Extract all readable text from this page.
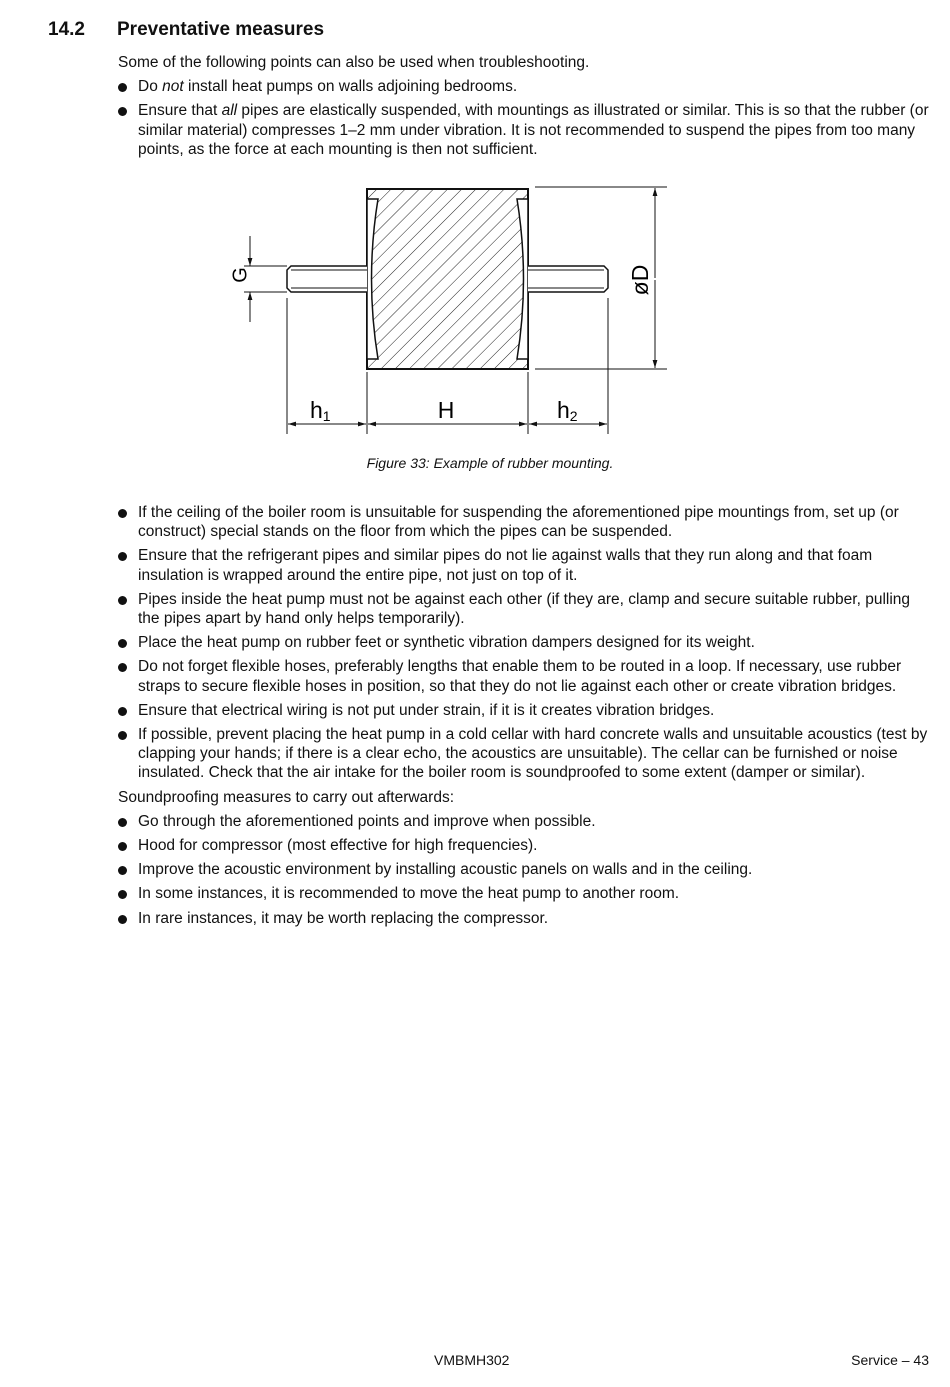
14.2 Preventative measures

Some of the following points can also be used when troubleshooting.

Do not install heat pumps on walls adjoining bedrooms.
Ensure that all pipes are elastically suspended, with mountings as illustrated or similar. This is so that the rubber (or similar material) compresses 1–2 mm under vibration. It is not recommended to suspend the pipes from too many points, as the force at each mounting is then not sufficient.
G	øD
h1	H	h2
Figure 33: Example of rubber mounting.
If the ceiling of the boiler room is unsuitable for suspending the aforementioned pipe mountings from, set up (or construct) special stands on the floor from which the pipes can be suspended.
Ensure that the refrigerant pipes and similar pipes do not lie against walls that they run along and that foam insulation is wrapped around the entire pipe, not just on top of it.
Pipes inside the heat pump must not be against each other (if they are, clamp and secure suitable rubber, pulling the pipes apart by hand only helps temporarily).
Place the heat pump on rubber feet or synthetic vibration dampers designed for its weight.
Do not forget flexible hoses, preferably lengths that enable them to be routed in a loop. If necessary, use rubber straps to secure flexible hoses in position, so that they do not lie against each other or create vibration bridges.
Ensure that electrical wiring is not put under strain, if it is it creates vibration bridges.
If possible, prevent placing the heat pump in a cold cellar with hard concrete walls and unsuitable acoustics (test by clapping your hands; if there is a clear echo, the acoustics are unsuitable). The cellar can be furnished or noise insulated. Check that the air intake for the boiler room is soundproofed to some extent (damper or similar).

Soundproofing measures to carry out afterwards:

Go through the aforementioned points and improve when possible.
Hood for compressor (most effective for high frequencies).
Improve the acoustic environment by installing acoustic panels on walls and in the ceiling.
In some instances, it is recommended to move the heat pump to another room.
In rare instances, it may be worth replacing the compressor.
VMBMH302	Service – 43
